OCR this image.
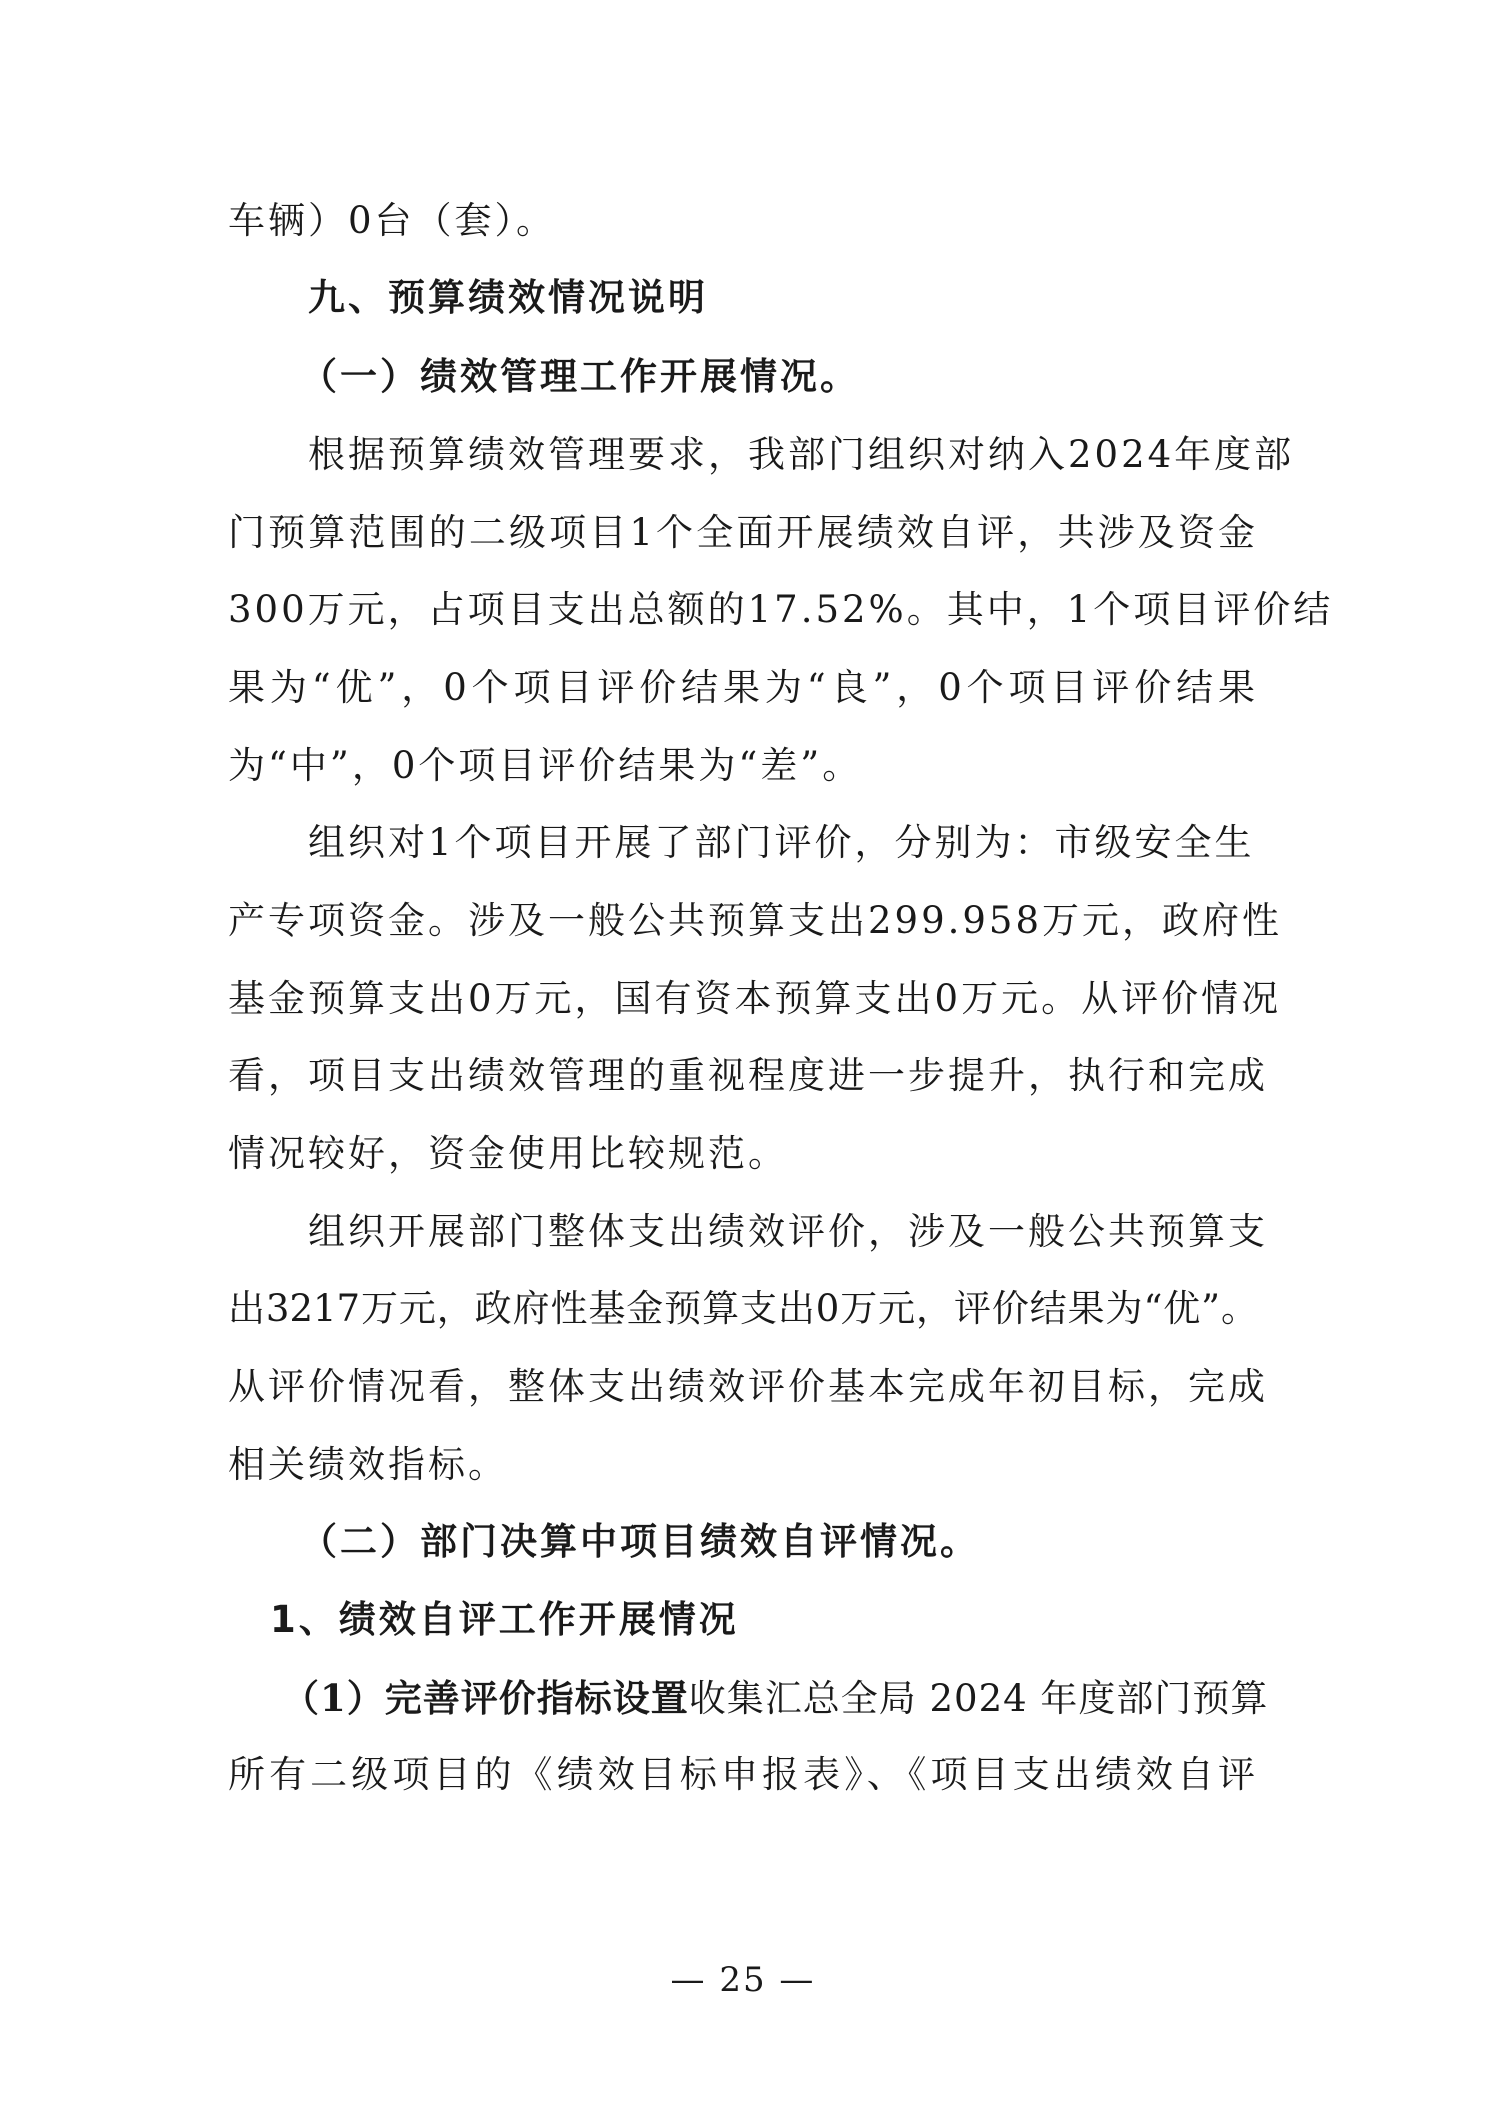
车辆）0台（套）。
九、预算绩效情况说明
（一）绩效管理工作开展情况。
根据预算绩效管理要求，我部门组织对纳入2024年度部
门预算范围的二级项目1个全面开展绩效自评，共涉及资金
300万元，占项目支出总额的17.52%。其中，1个项目评价结
果为“优”，0个项目评价结果为“良”，0个项目评价结果
为“中”，0个项目评价结果为“差”。
组织对1个项目开展了部门评价，分别为：市级安全生
产专项资金。涉及一般公共预算支出299.958万元，政府性
基金预算支出0万元，国有资本预算支出0万元。从评价情况
看，项目支出绩效管理的重视程度进一步提升，执行和完成
情况较好，资金使用比较规范。
组织开展部门整体支出绩效评价，涉及一般公共预算支
出3217万元，政府性基金预算支出0万元，评价结果为“优”。
从评价情况看，整体支出绩效评价基本完成年初目标，完成
相关绩效指标。
（二）部门决算中项目绩效自评情况。
1、绩效自评工作开展情况
（1）完善评价指标设置收集汇总全局 2024 年度部门预算
所有二级项目的《绩效目标申报表》、《项目支出绩效自评
— 25 —
